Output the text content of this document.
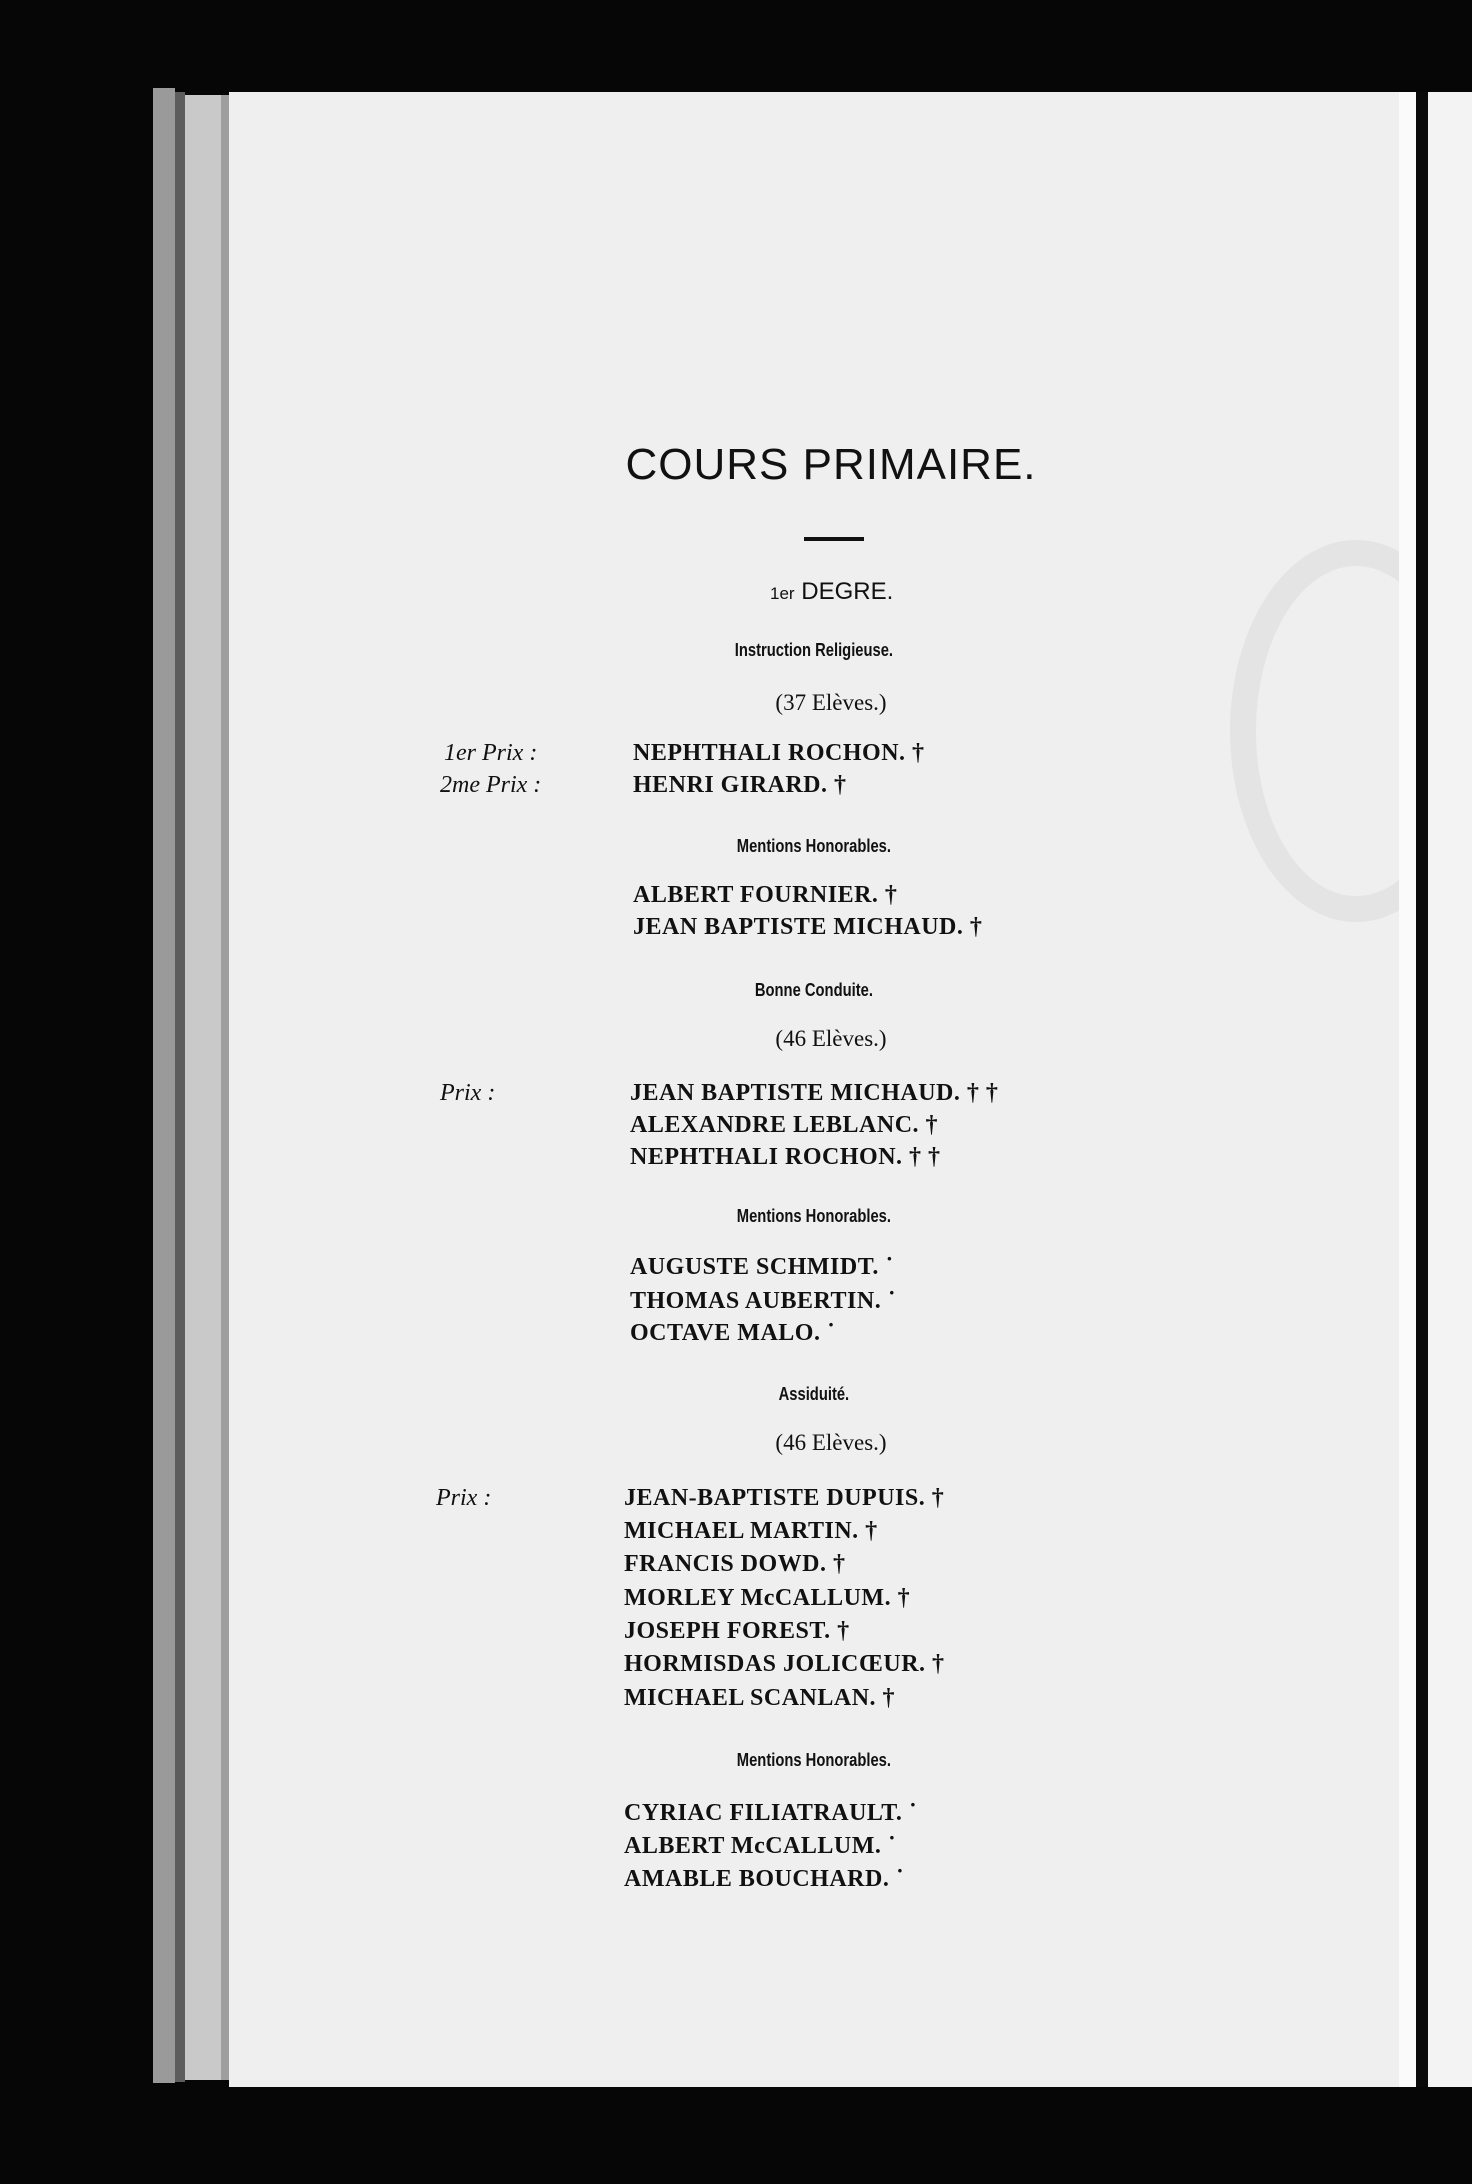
COURS PRIMAIRE.
1er DEGRE.
Instruction Religieuse.
(37 Elèves.)
1er Prix :
2me Prix :
NEPHTHALI ROCHON. †
HENRI GIRARD. †
Mentions Honorables.
ALBERT FOURNIER. †
JEAN BAPTISTE MICHAUD. †
Bonne Conduite.
(46 Elèves.)
Prix :	JEAN BAPTISTE MICHAUD. † †
ALEXANDRE LEBLANC. †
NEPHTHALI ROCHON. † †
Mentions Honorables.
AUGUSTE SCHMIDT. ˙
THOMAS AUBERTIN. ˙
OCTAVE MALO. ˙
Assiduité.
(46 Elèves.)
Prix :	JEAN-BAPTISTE DUPUIS. †
MICHAEL MARTIN. †
FRANCIS DOWD. †
MORLEY McCALLUM. †
JOSEPH FOREST. †
HORMISDAS JOLICŒUR. †
MICHAEL SCANLAN. †
Mentions Honorables.
CYRIAC FILIATRAULT. ˙
ALBERT McCALLUM. ˙
AMABLE BOUCHARD. ˙
